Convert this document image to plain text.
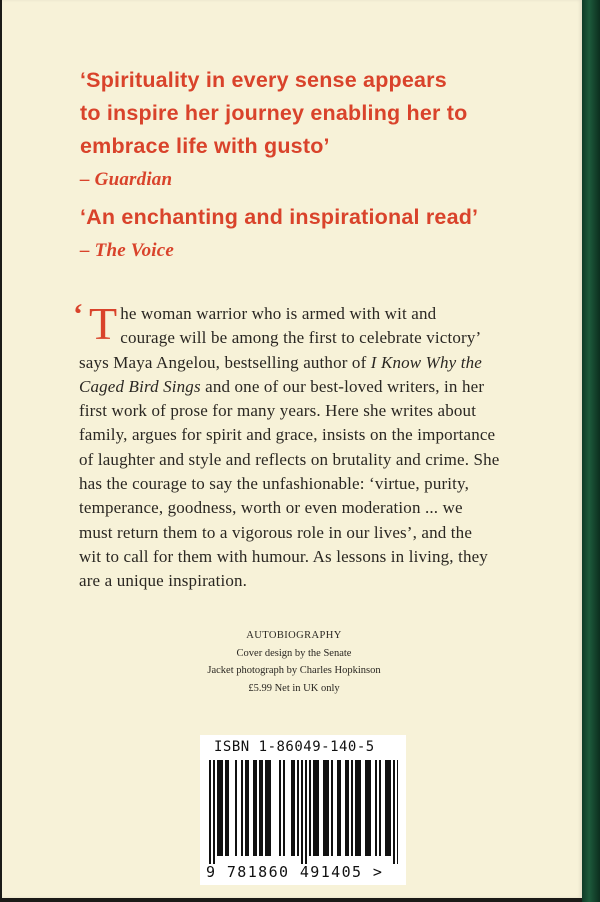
‘Spirituality in every sense appears
to inspire her journey enabling her to
embrace life with gusto’
– Guardian
‘An enchanting and inspirational read’
– The Voice
‘ T he woman warrior who is armed with wit and
courage will be among the first to celebrate victory’
says Maya Angelou, bestselling author of I Know Why the
Caged Bird Sings and one of our best-loved writers, in her
first work of prose for many years. Here she writes about
family, argues for spirit and grace, insists on the importance
of laughter and style and reflects on brutality and crime. She
has the courage to say the unfashionable: ‘virtue, purity,
temperance, goodness, worth or even moderation ... we
must return them to a vigorous role in our lives’, and the
wit to call for them with humour. As lessons in living, they
are a unique inspiration.
AUTOBIOGRAPHY
Cover design by the Senate
Jacket photograph by Charles Hopkinson
£5.99 Net in UK only
ISBN 1-86049-140-5
9 781860 491405 >
